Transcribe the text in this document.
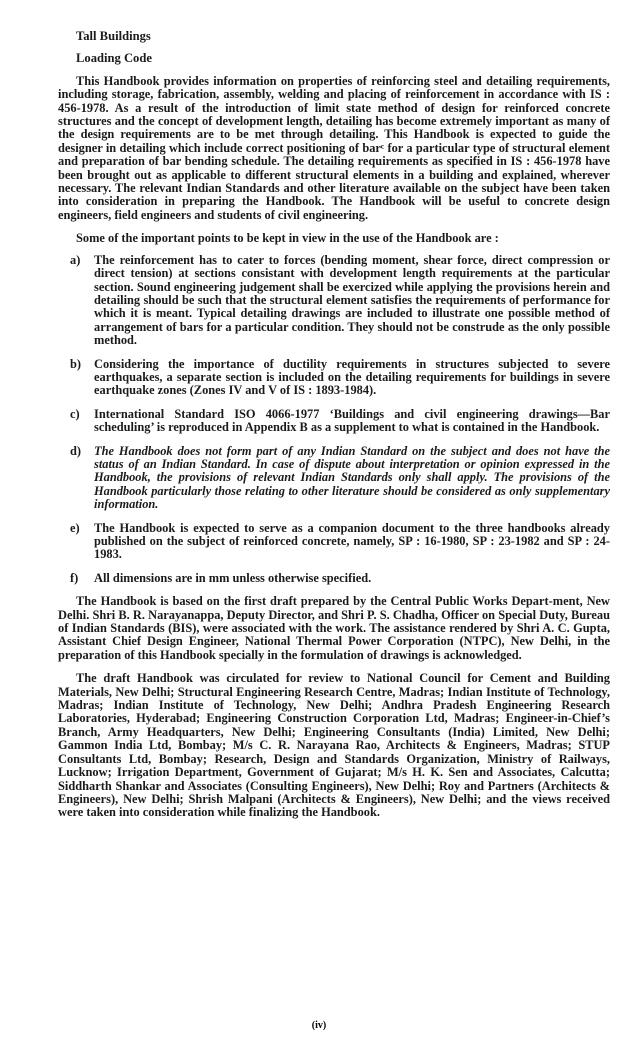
Tall Buildings
Loading Code

This Handbook provides information on properties of reinforcing steel and detailing requirements, including storage, fabrication, assembly, welding and placing of reinforcement in accordance with IS : 456-1978. As a result of the introduction of limit state method of design for reinforced concrete structures and the concept of development length, detailing has become extremely important as many of the design requirements are to be met through detailing. This Handbook is expected to guide the designer in detailing which include correct positioning of barᶜ for a particular type of structural element and preparation of bar bending schedule. The detailing requirements as specified in IS : 456-1978 have been brought out as applicable to different structural elements in a building and explained, wherever necessary. The relevant Indian Standards and other literature available on the subject have been taken into consideration in preparing the Handbook. The Handbook will be useful to concrete design engineers, field engineers and students of civil engineering.

Some of the important points to be kept in view in the use of the Handbook are :

a) The reinforcement has to cater to forces (bending moment, shear force, direct compression or direct tension) at sections consistant with development length requirements at the particular section. Sound engineering judgement shall be exercized while applying the provisions herein and detailing should be such that the structural element satisfies the requirements of performance for which it is meant. Typical detailing drawings are included to illustrate one possible method of arrangement of bars for a particular condition. They should not be construde as the only possible method.
b) Considering the importance of ductility requirements in structures subjected to severe earthquakes, a separate section is included on the detailing requirements for buildings in severe earthquake zones (Zones IV and V of IS : 1893-1984).
c) International Standard ISO 4066-1977 ‘Buildings and civil engineering drawings—Bar scheduling’ is reproduced in Appendix B as a supplement to what is contained in the Handbook.
d) The Handbook does not form part of any Indian Standard on the subject and does not have the status of an Indian Standard. In case of dispute about interpretation or opinion expressed in the Handbook, the provisions of relevant Indian Standards only shall apply. The provisions of the Handbook particularly those relating to other literature should be considered as only supplementary information.
e) The Handbook is expected to serve as a companion document to the three handbooks already published on the subject of reinforced concrete, namely, SP : 16-1980, SP : 23-1982 and SP : 24-1983.
f) All dimensions are in mm unless otherwise specified.

The Handbook is based on the first draft prepared by the Central Public Works Depart-ment, New Delhi. Shri B. R. Narayanappa, Deputy Director, and Shri P. S. Chadha, Officer on Special Duty, Bureau of Indian Standards (BIS), were associated with the work. The assistance rendered by Shri A. C. Gupta, Assistant Chief Design Engineer, National Thermal Power Corporation (NTPC), New Delhi, in the preparation of this Handbook specially in the formulation of drawings is acknowledged.

The draft Handbook was circulated for review to National Council for Cement and Building Materials, New Delhi; Structural Engineering Research Centre, Madras; Indian Institute of Technology, Madras; Indian Institute of Technology, New Delhi; Andhra Pradesh Engineering Research Laboratories, Hyderabad; Engineering Construction Corporation Ltd, Madras; Engineer-in-Chief’s Branch, Army Headquarters, New Delhi; Engineering Consultants (India) Limited, New Delhi; Gammon India Ltd, Bombay; M/s C. R. Narayana Rao, Architects & Engineers, Madras; STUP Consultants Ltd, Bombay; Research, Design and Standards Organization, Ministry of Railways, Lucknow; Irrigation Department, Government of Gujarat; M/s H. K. Sen and Associates, Calcutta; Siddharth Shankar and Associates (Consulting Engineers), New Delhi; Roy and Partners (Architects & Engineers), New Delhi; Shrish Malpani (Architects & Engineers), New Delhi; and the views received were taken into consideration while finalizing the Handbook.

(iv)
